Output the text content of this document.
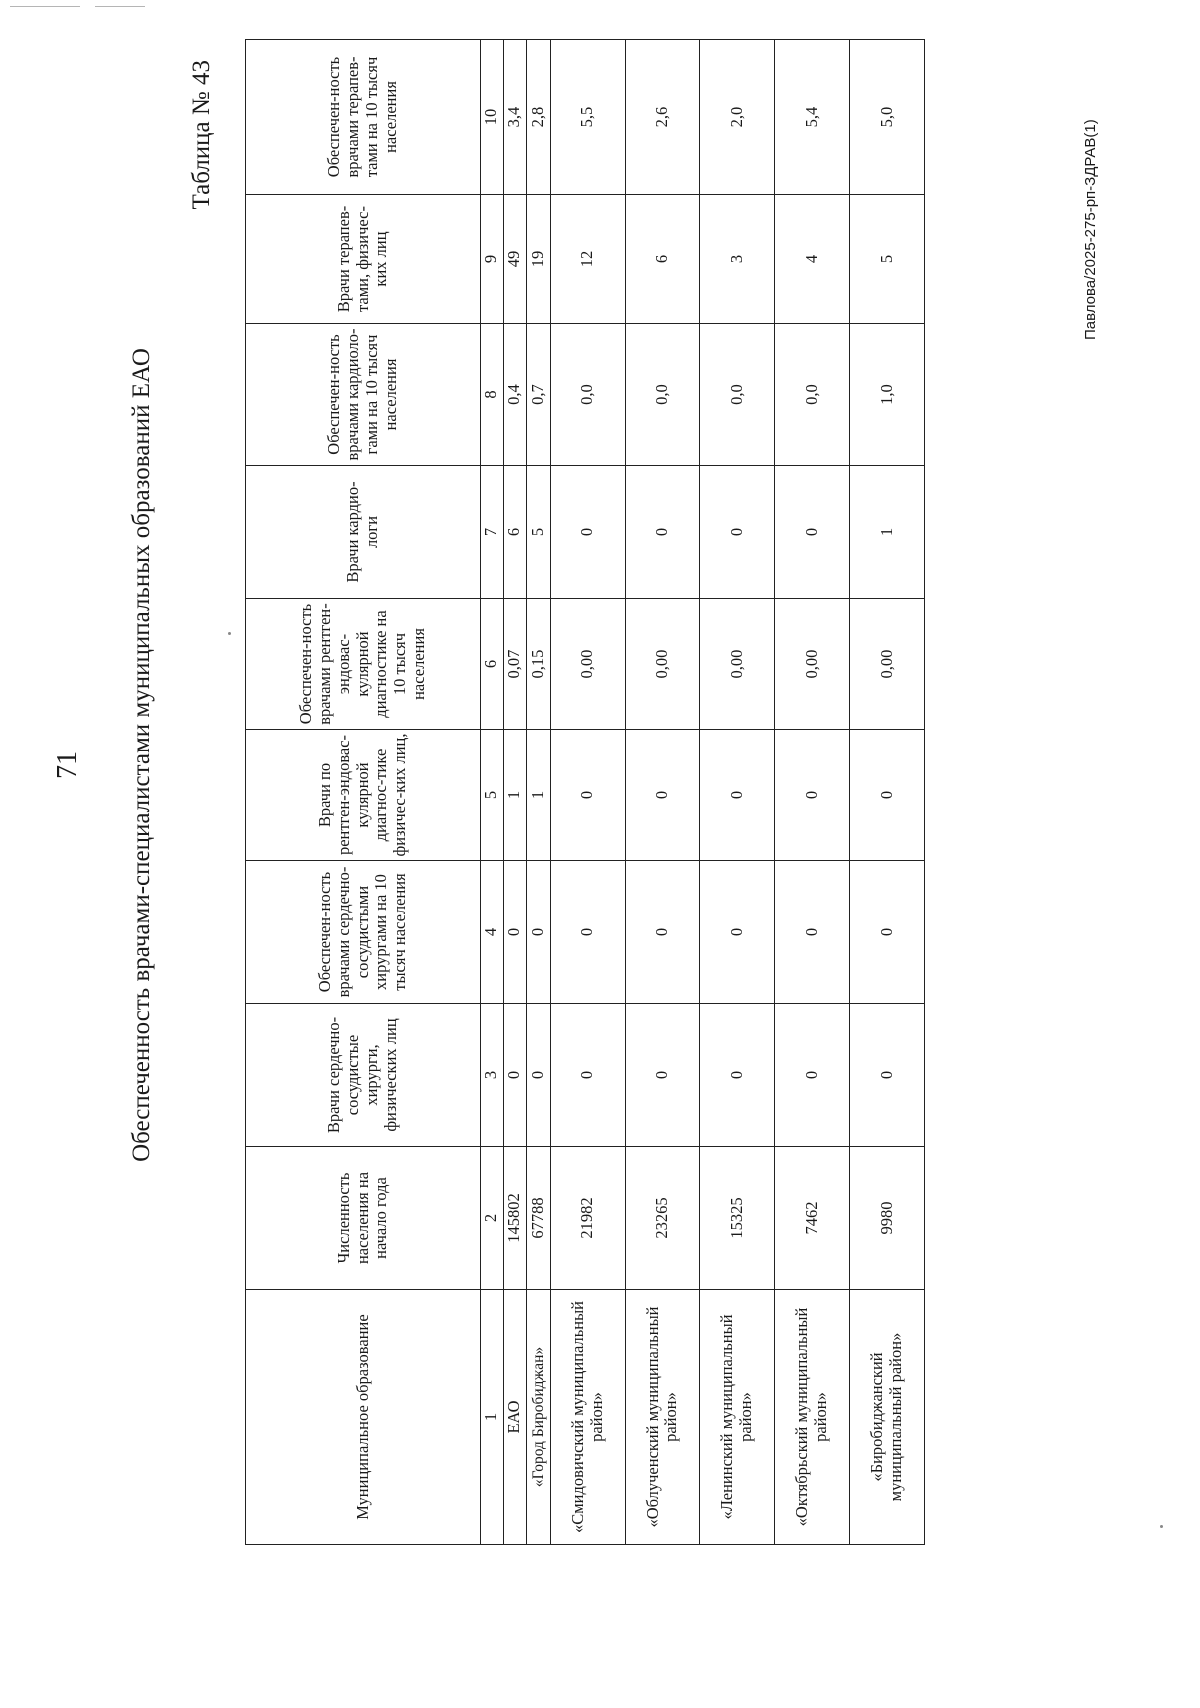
71 Обеспеченность врачами-специалистами муниципальных образований ЕАО
Таблица № 43	Павлова/2025-275-рп-ЗДРАВ(1)
Муниципальное образование	Численность населения на начало года	Врачи сердечно-сосудистые хирурги, физических лиц	Обеспечен-ность врачами сердечно-сосудистыми хирургами на 10 тысяч населения	Врачи по рентген-эндовас-кулярной диагнос-тике физичес-ких лиц,	Обеспечен-ность врачами рентген-эндовас-кулярной диагностике на 10 тысяч населения	Врачи кардио-логи	Обеспечен-ность врачами кардиоло-гами на 10 тысяч населения	Врачи терапев-тами, физичес-ких лиц	Обеспечен-ность врачами терапев-тами на 10 тысяч населения
1	2	3	4	5	6	7	8	9	10
ЕАО	145802	0	0	1	0,07	6	0,4	49	3,4
«Город Биробиджан»	67788	0	0	1	0,15	5	0,7	19	2,8
«Смидовичский муниципальный район»	21982	0	0	0	0,00	0	0,0	12	5,5
«Облученский муниципальный район»	23265	0	0	0	0,00	0	0,0	6	2,6
«Ленинский муниципальный район»	15325	0	0	0	0,00	0	0,0	3	2,0
«Октябрьский муниципальный район»	7462	0	0	0	0,00	0	0,0	4	5,4
«Биробиджанский муниципальный район»	9980	0	0	0	0,00	1	1,0	5	5,0
